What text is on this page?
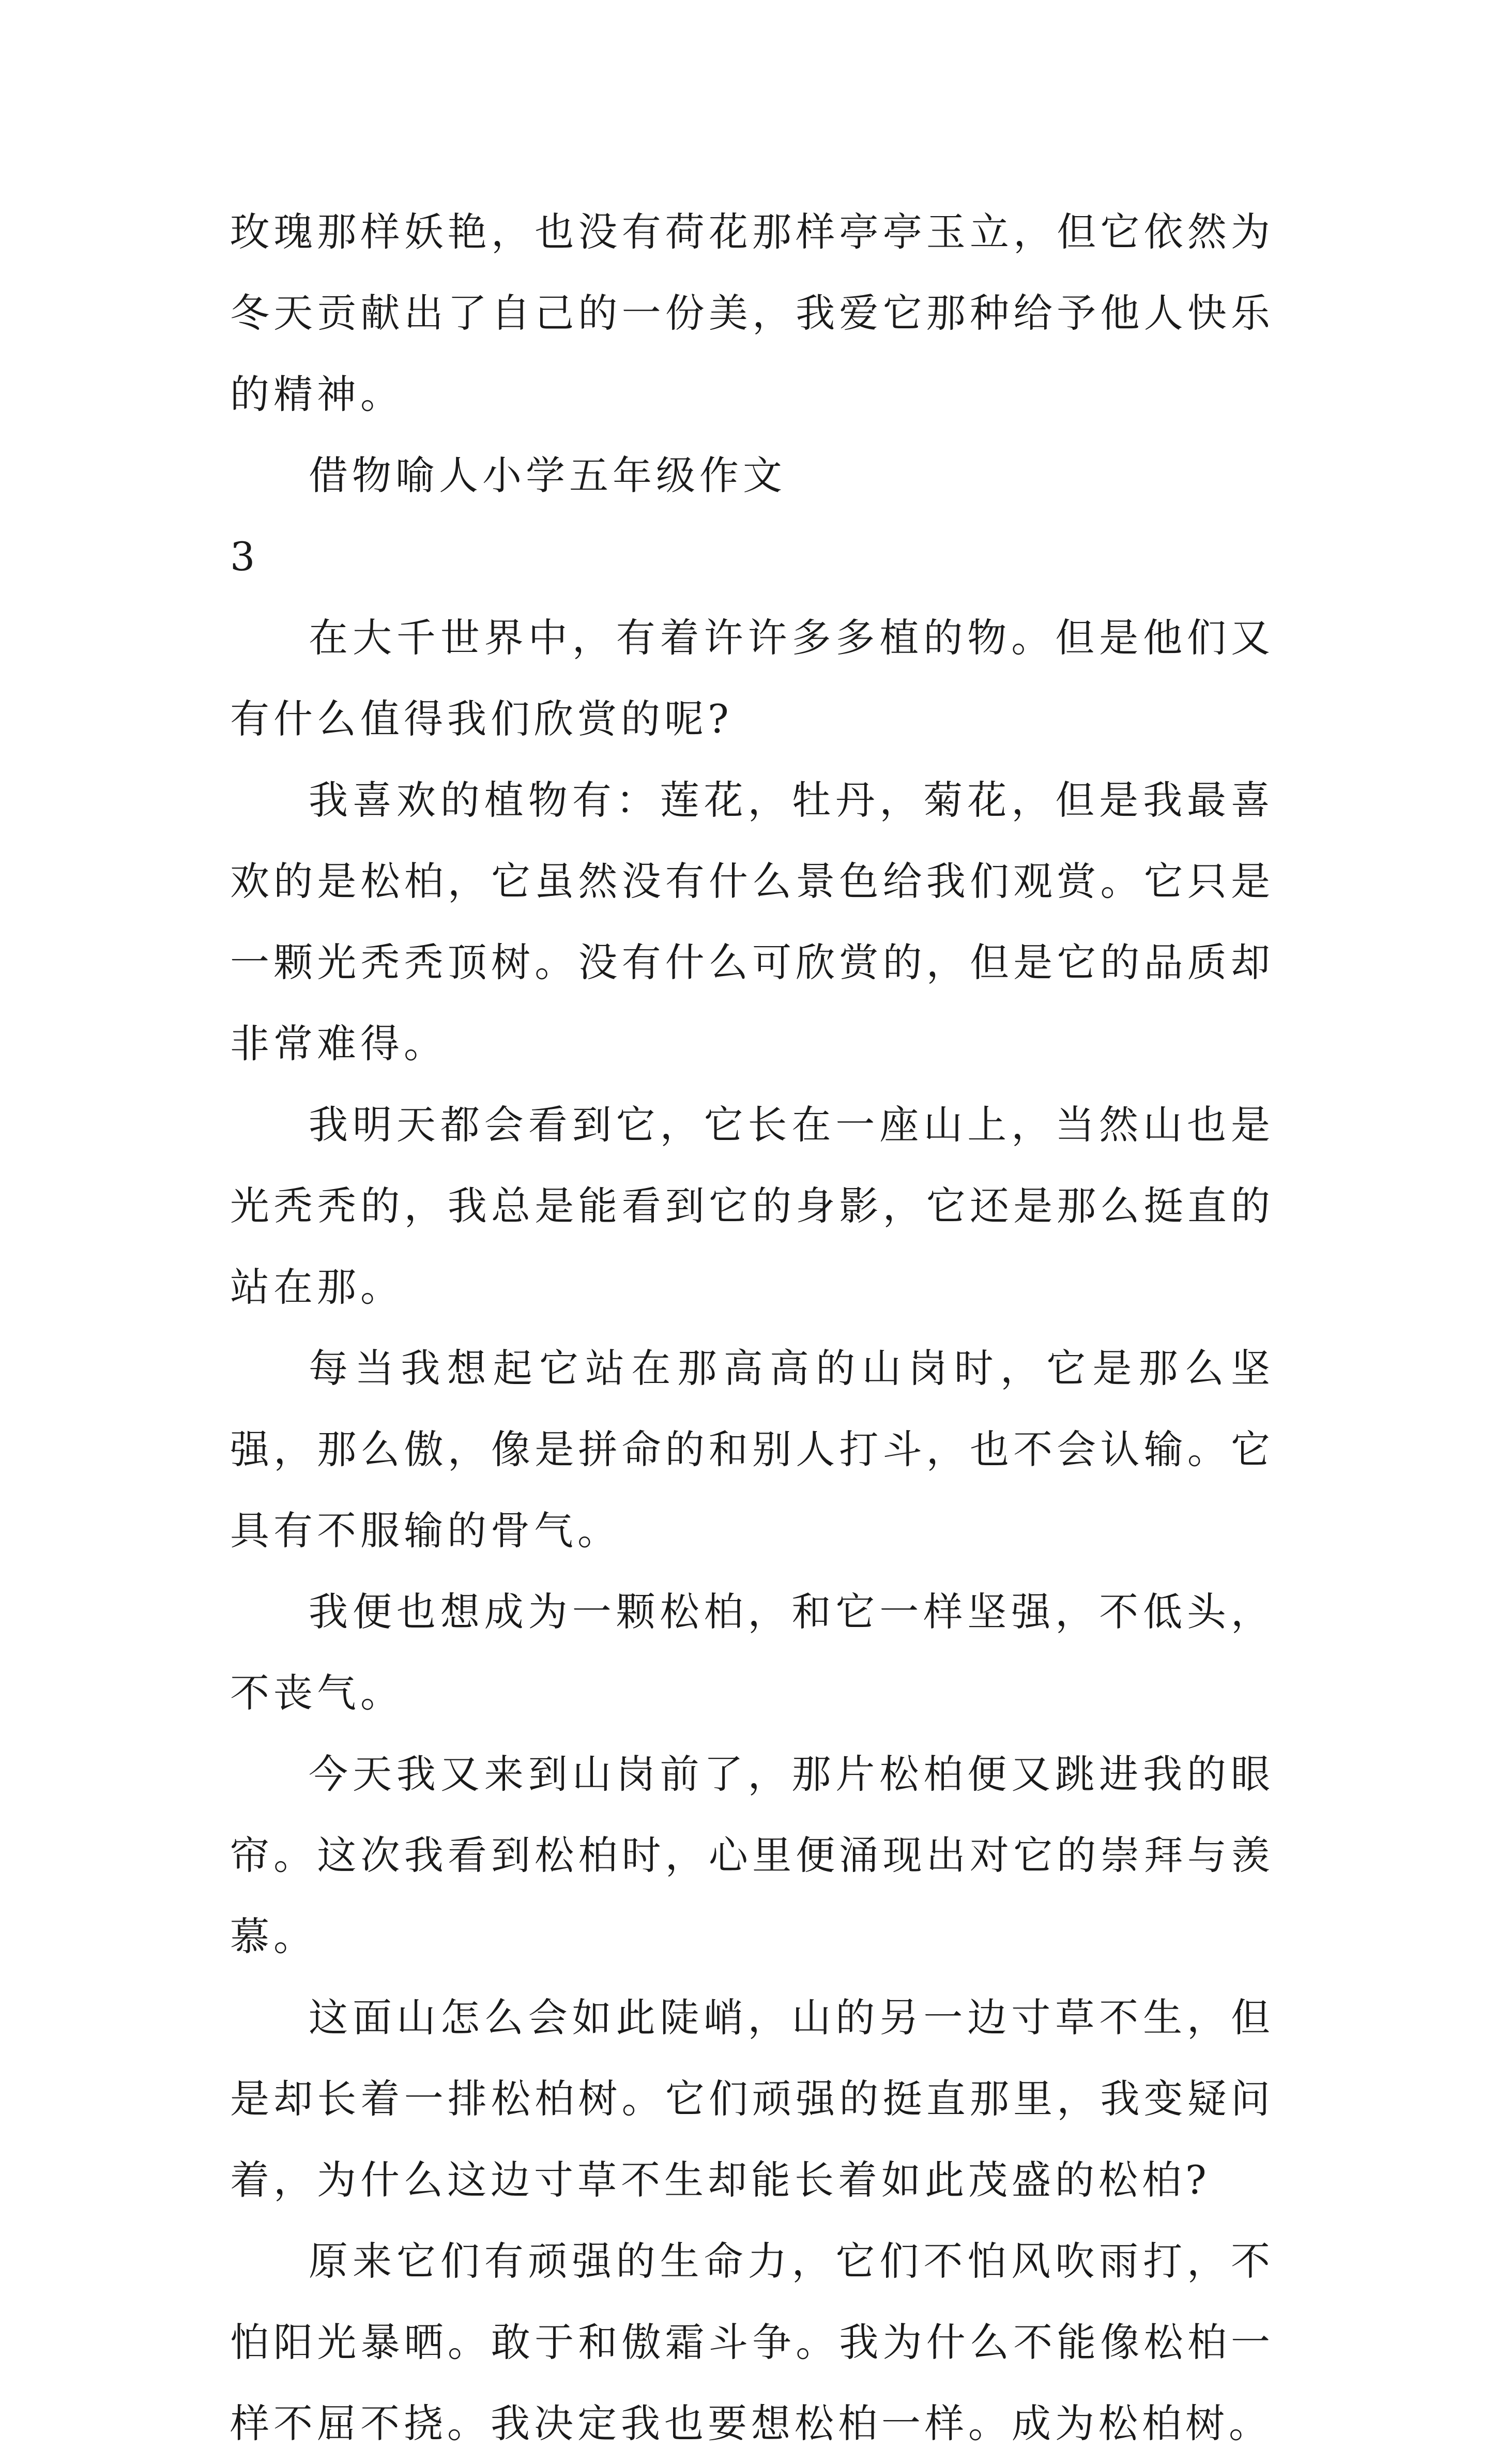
玫瑰那样妖艳，也没有荷花那样亭亭玉立，但它依然为冬天贡献出了自己的一份美，我爱它那种给予他人快乐的精神。

借物喻人小学五年级作文

3

在大千世界中，有着许许多多植的物。但是他们又有什么值得我们欣赏的呢?

我喜欢的植物有：莲花，牡丹，菊花，但是我最喜欢的是松柏，它虽然没有什么景色给我们观赏。它只是一颗光秃秃顶树。没有什么可欣赏的，但是它的品质却非常难得。

我明天都会看到它，它长在一座山上，当然山也是光秃秃的，我总是能看到它的身影，它还是那么挺直的站在那。

每当我想起它站在那高高的山岗时，它是那么坚强，那么傲，像是拼命的和别人打斗，也不会认输。它具有不服输的骨气。

我便也想成为一颗松柏，和它一样坚强，不低头，不丧气。

今天我又来到山岗前了，那片松柏便又跳进我的眼帘。这次我看到松柏时，心里便涌现出对它的崇拜与羡慕。

这面山怎么会如此陡峭，山的另一边寸草不生，但是却长着一排松柏树。它们顽强的挺直那里，我变疑问着，为什么这边寸草不生却能长着如此茂盛的松柏?

原来它们有顽强的生命力，它们不怕风吹雨打，不怕阳光暴晒。敢于和傲霜斗争。我为什么不能像松柏一样不屈不挠。我决定我也要想松柏一样。成为松柏树。
